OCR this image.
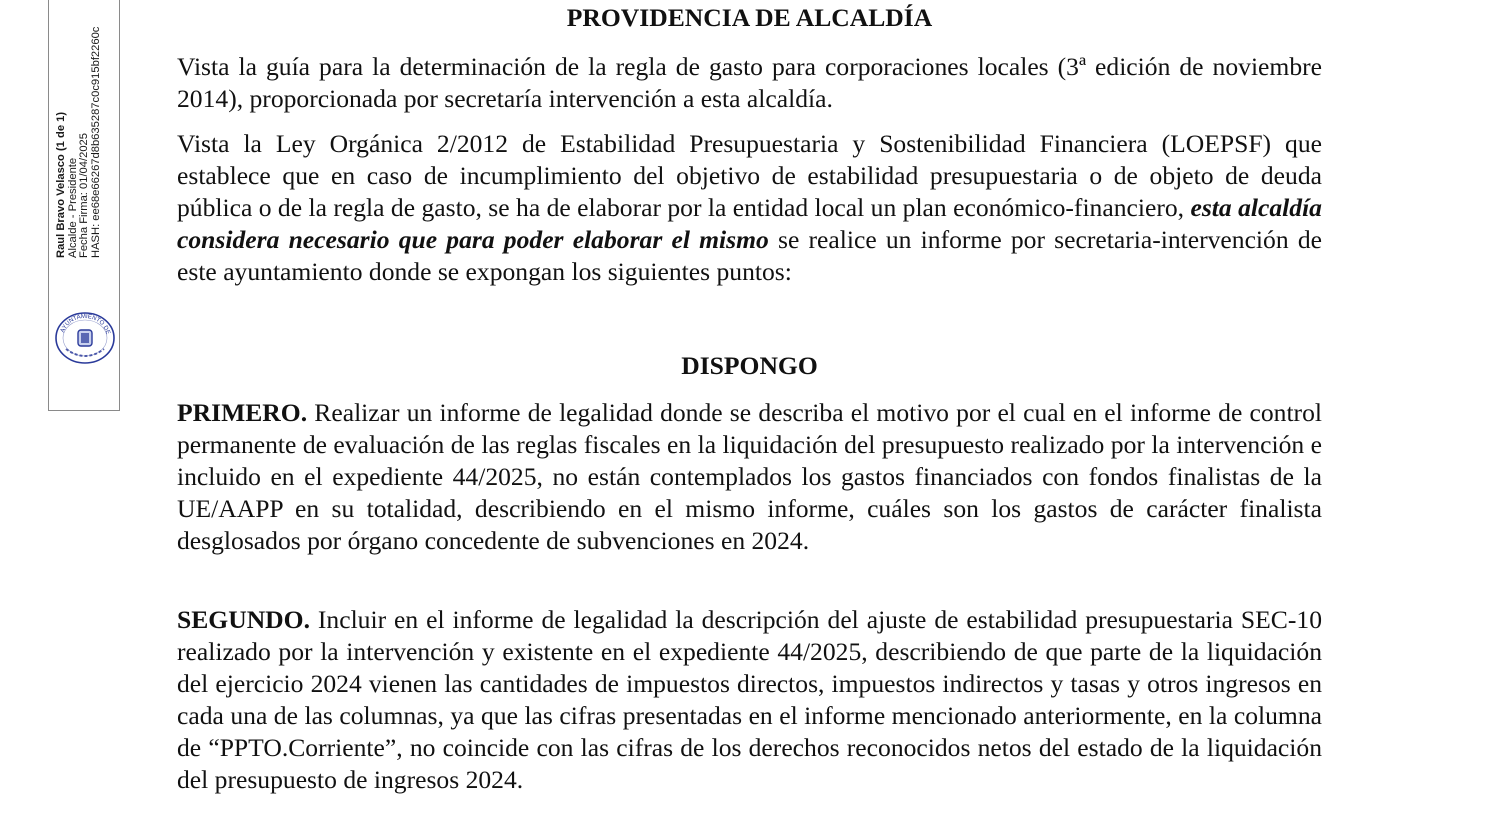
Raul Bravo Velasco (1 de 1) Alcalde - Presidente Fecha Firma: 01/04/2025 HASH: ee68e66267d8b635287c0c915bf2260c
AYUNTAMIENTO DE
PROVIDENCIA DE ALCALDÍA
Vista la guía para la determinación de la regla de gasto para corporaciones locales (3ª edición de noviembre 2014), proporcionada por secretaría intervención a esta alcaldía.
Vista la Ley Orgánica 2/2012 de Estabilidad Presupuestaria y Sostenibilidad Financiera (LOEPSF) que establece que en caso de incumplimiento del objetivo de estabilidad presupuestaria o de objeto de deuda pública o de la regla de gasto, se ha de elaborar por la entidad local un plan económico-financiero, esta alcaldía considera necesario que para poder elaborar el mismo se realice un informe por secretaria-intervención de este ayuntamiento donde se expongan los siguientes puntos:
DISPONGO
PRIMERO. Realizar un informe de legalidad donde se describa el motivo por el cual en el informe de control permanente de evaluación de las reglas fiscales en la liquidación del presupuesto realizado por la intervención e incluido en el expediente 44/2025, no están contemplados los gastos financiados con fondos finalistas de la UE/AAPP en su totalidad, describiendo en el mismo informe, cuáles son los gastos de carácter finalista desglosados por órgano concedente de subvenciones en 2024.
SEGUNDO. Incluir en el informe de legalidad la descripción del ajuste de estabilidad presupuestaria SEC-10 realizado por la intervención y existente en el expediente 44/2025, describiendo de que parte de la liquidación del ejercicio 2024 vienen las cantidades de impuestos directos, impuestos indirectos y tasas y otros ingresos en cada una de las columnas, ya que las cifras presentadas en el informe mencionado anteriormente, en la columna de “PPTO.Corriente”, no coincide con las cifras de los derechos reconocidos netos del estado de la liquidación del presupuesto de ingresos 2024.
